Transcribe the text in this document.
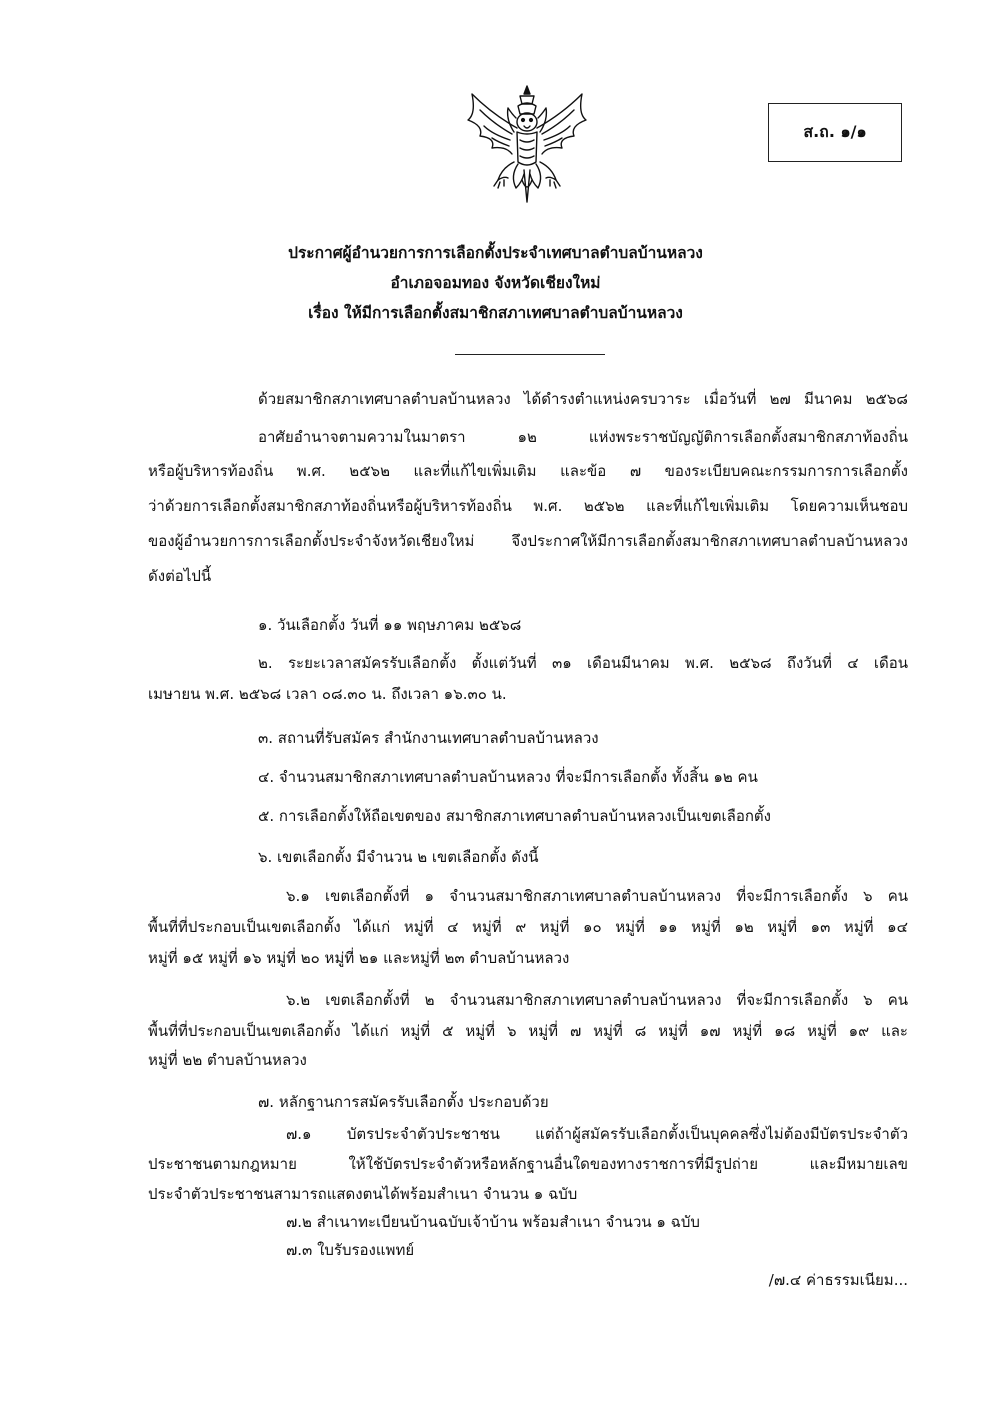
ส.ถ. ๑/๑
ประกาศผู้อำนวยการการเลือกตั้งประจำเทศบาลตำบลบ้านหลวง
อำเภอจอมทอง จังหวัดเชียงใหม่
เรื่อง ให้มีการเลือกตั้งสมาชิกสภาเทศบาลตำบลบ้านหลวง
ด้วยสมาชิกสภาเทศบาลตำบลบ้านหลวง ได้ดำรงตำแหน่งครบวาระ เมื่อวันที่ ๒๗ มีนาคม ๒๕๖๘
อาศัยอำนาจตามความในมาตรา ๑๒ แห่งพระราชบัญญัติการเลือกตั้งสมาชิกสภาท้องถิ่น
หรือผู้บริหารท้องถิ่น พ.ศ. ๒๕๖๒ และที่แก้ไขเพิ่มเติม และข้อ ๗ ของระเบียบคณะกรรมการการเลือกตั้ง
ว่าด้วยการเลือกตั้งสมาชิกสภาท้องถิ่นหรือผู้บริหารท้องถิ่น พ.ศ. ๒๕๖๒ และที่แก้ไขเพิ่มเติม โดยความเห็นชอบ
ของผู้อำนวยการการเลือกตั้งประจำจังหวัดเชียงใหม่ จึงประกาศให้มีการเลือกตั้งสมาชิกสภาเทศบาลตำบลบ้านหลวง
ดังต่อไปนี้
๑. วันเลือกตั้ง วันที่ ๑๑ พฤษภาคม ๒๕๖๘
๒. ระยะเวลาสมัครรับเลือกตั้ง ตั้งแต่วันที่ ๓๑ เดือนมีนาคม พ.ศ. ๒๕๖๘ ถึงวันที่ ๔ เดือน
เมษายน พ.ศ. ๒๕๖๘ เวลา ๐๘.๓๐ น. ถึงเวลา ๑๖.๓๐ น.
๓. สถานที่รับสมัคร สำนักงานเทศบาลตำบลบ้านหลวง
๔. จำนวนสมาชิกสภาเทศบาลตำบลบ้านหลวง ที่จะมีการเลือกตั้ง ทั้งสิ้น ๑๒ คน
๕. การเลือกตั้งให้ถือเขตของ สมาชิกสภาเทศบาลตำบลบ้านหลวงเป็นเขตเลือกตั้ง
๖. เขตเลือกตั้ง มีจำนวน ๒ เขตเลือกตั้ง ดังนี้
๖.๑ เขตเลือกตั้งที่ ๑ จำนวนสมาชิกสภาเทศบาลตำบลบ้านหลวง ที่จะมีการเลือกตั้ง ๖ คน
พื้นที่ที่ประกอบเป็นเขตเลือกตั้ง ได้แก่ หมู่ที่ ๔ หมู่ที่ ๙ หมู่ที่ ๑๐ หมู่ที่ ๑๑ หมู่ที่ ๑๒ หมู่ที่ ๑๓ หมู่ที่ ๑๔
หมู่ที่ ๑๕ หมู่ที่ ๑๖ หมู่ที่ ๒๐ หมู่ที่ ๒๑ และหมู่ที่ ๒๓ ตำบลบ้านหลวง
๖.๒ เขตเลือกตั้งที่ ๒ จำนวนสมาชิกสภาเทศบาลตำบลบ้านหลวง ที่จะมีการเลือกตั้ง ๖ คน
พื้นที่ที่ประกอบเป็นเขตเลือกตั้ง ได้แก่ หมู่ที่ ๕ หมู่ที่ ๖ หมู่ที่ ๗ หมู่ที่ ๘ หมู่ที่ ๑๗ หมู่ที่ ๑๘ หมู่ที่ ๑๙ และ
หมู่ที่ ๒๒ ตำบลบ้านหลวง
๗. หลักฐานการสมัครรับเลือกตั้ง ประกอบด้วย
๗.๑ บัตรประจำตัวประชาชน แต่ถ้าผู้สมัครรับเลือกตั้งเป็นบุคคลซึ่งไม่ต้องมีบัตรประจำตัว
ประชาชนตามกฎหมาย ให้ใช้บัตรประจำตัวหรือหลักฐานอื่นใดของทางราชการที่มีรูปถ่าย และมีหมายเลข
ประจำตัวประชาชนสามารถแสดงตนได้พร้อมสำเนา จำนวน ๑ ฉบับ
๗.๒ สำเนาทะเบียนบ้านฉบับเจ้าบ้าน พร้อมสำเนา จำนวน ๑ ฉบับ
๗.๓ ใบรับรองแพทย์
/๗.๔ ค่าธรรมเนียม...
